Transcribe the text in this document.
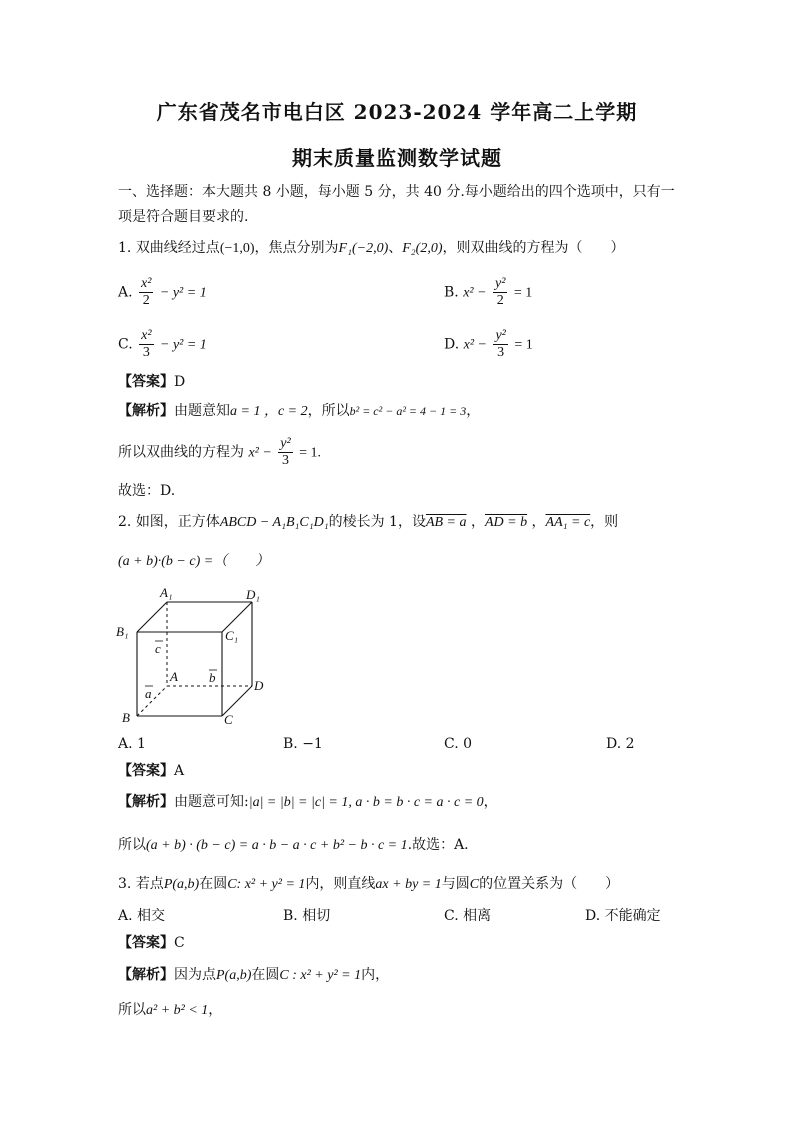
广东省茂名市电白区 2023-2024 学年高二上学期
期末质量监测数学试题
一、选择题：本大题共 8 小题，每小题 5 分，共 40 分.每小题给出的四个选项中，只有一
项是符合题目要求的.
1. 双曲线经过点(−1,0)，焦点分别为F₁(−2,0)、F₂(2,0)，则双曲线的方程为（　　）
A. $\frac{\text{x²}}{2} - y^2 = 1$	B. $x^2 - \frac{\text{y²}}{2} = 1$
C. $\frac{\text{x²}}{3} - y^2 = 1$	D. $x^2 - \frac{\text{y²}}{3} = 1$
【答案】D
【解析】由题意知a = 1 ，c = 2，所以b² = c² − a² = 4 − 1 = 3，
所以双曲线的方程为 $x^2 - \frac{\text{y²}}{3} = 1$.
故选：D.
2. 如图，正方体ABCD − A₁B₁C₁D₁的棱长为 1，设AB = a ，AD = b ，AA₁ = c，则
(a + b)·(b − c) =（　　）
A₁	D₁
B₁	C₁
A
D
B	C
c
b
a
A. 1	B. −1	C. 0	D. 2
【答案】A
【解析】由题意可知:|a| = |b| = |c| = 1, a · b = b · c = a · c = 0，
所以(a + b) · (b − c) = a · b − a · c + b² − b · c = 1.故选：A.
3. 若点P(a,b)在圆C: x² + y² = 1内，则直线ax + by = 1与圆C的位置关系为（　　）
A. 相交	B. 相切	C. 相离	D. 不能确定
【答案】C
【解析】因为点P(a,b)在圆C : x² + y² = 1内，
所以a² + b² < 1，
